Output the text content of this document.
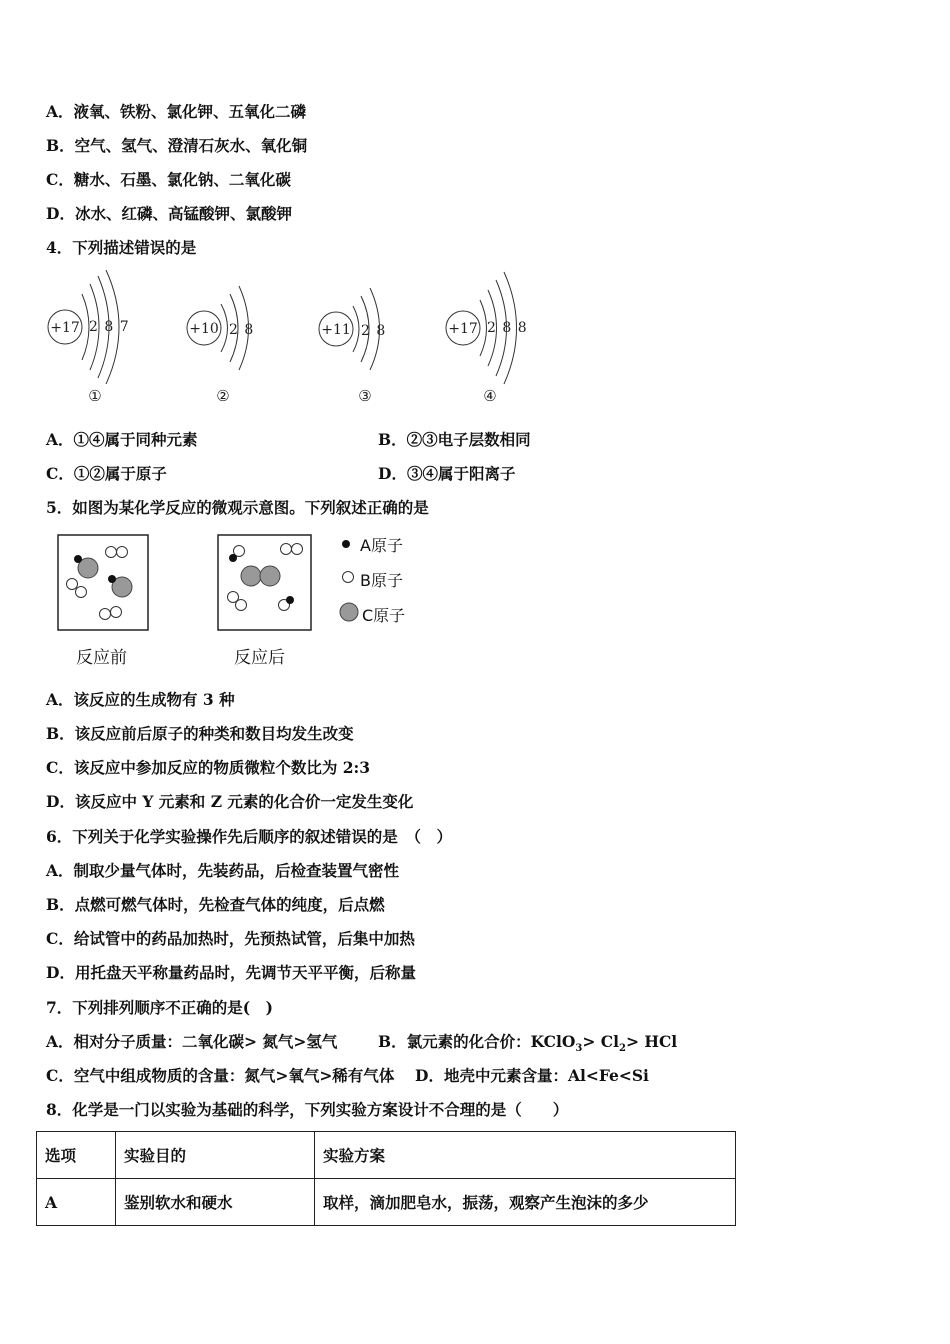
A．液氧、铁粉、氯化钾、五氧化二磷
B．空气、氢气、澄清石灰水、氧化铜
C．糖水、石墨、氯化钠、二氧化碳
D．冰水、红磷、高锰酸钾、氯酸钾
4．下列描述错误的是
+17 2 8 7
①
+10 2 8
②
+11 2 8
③
+17 2 8 8
④
A．①④属于同种元素	B．②③电子层数相同
C．①②属于原子	D．③④属于阳离子
5．如图为某化学反应的微观示意图。下列叙述正确的是
A原子
B原子
C原子
反应前	反应后
A．该反应的生成物有 3 种
B．该反应前后原子的种类和数目均发生改变
C．该反应中参加反应的物质微粒个数比为 2:3
D．该反应中 Y 元素和 Z 元素的化合价一定发生变化
6．下列关于化学实验操作先后顺序的叙述错误的是　（　）
A．制取少量气体时，先装药品，后检查装置气密性
B．点燃可燃气体时，先检查气体的纯度，后点燃
C．给试管中的药品加热时，先预热试管，后集中加热
D．用托盘天平称量药品时，先调节天平平衡，后称量
7．下列排列顺序不正确的是(　)
A．相对分子质量：二氧化碳> 氮气>氢气	B．氯元素的化合价：KClO$_3$> $Cl_2>$ HCl
C．空气中组成物质的含量：氮气>氧气>稀有气体 D．地壳中元素含量：Al<Fe<Si
8．化学是一门以实验为基础的科学，下列实验方案设计不合理的是（　　）
选项	实验目的	实验方案
A	鉴别软水和硬水	取样，滴加肥皂水，振荡，观察产生泡沫的多少
